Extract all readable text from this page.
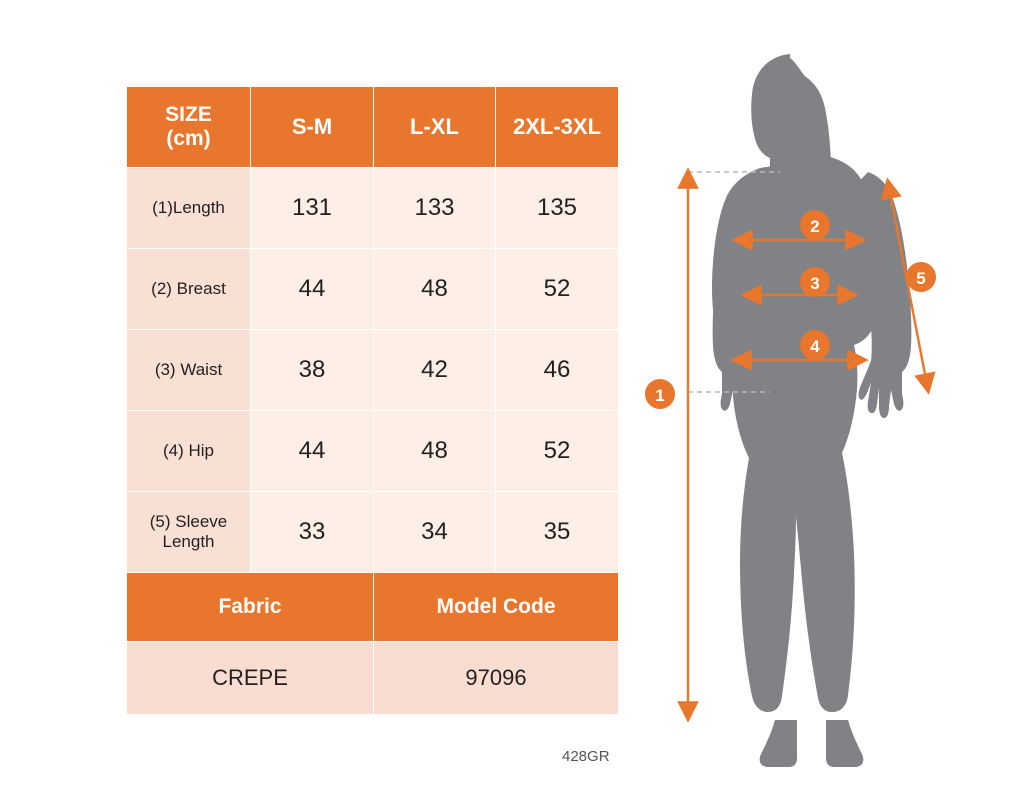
SIZE
(cm)	S-M	L-XL	2XL-3XL
(1)Length	131	133	135
(2) Breast	44	48	52
(3) Waist	38	42	46
(4) Hip	44	48	52
(5) Sleeve Length	33	34	35
Fabric		Model Code	
CREPE		97096	
428GR
1
2
3
4
5
